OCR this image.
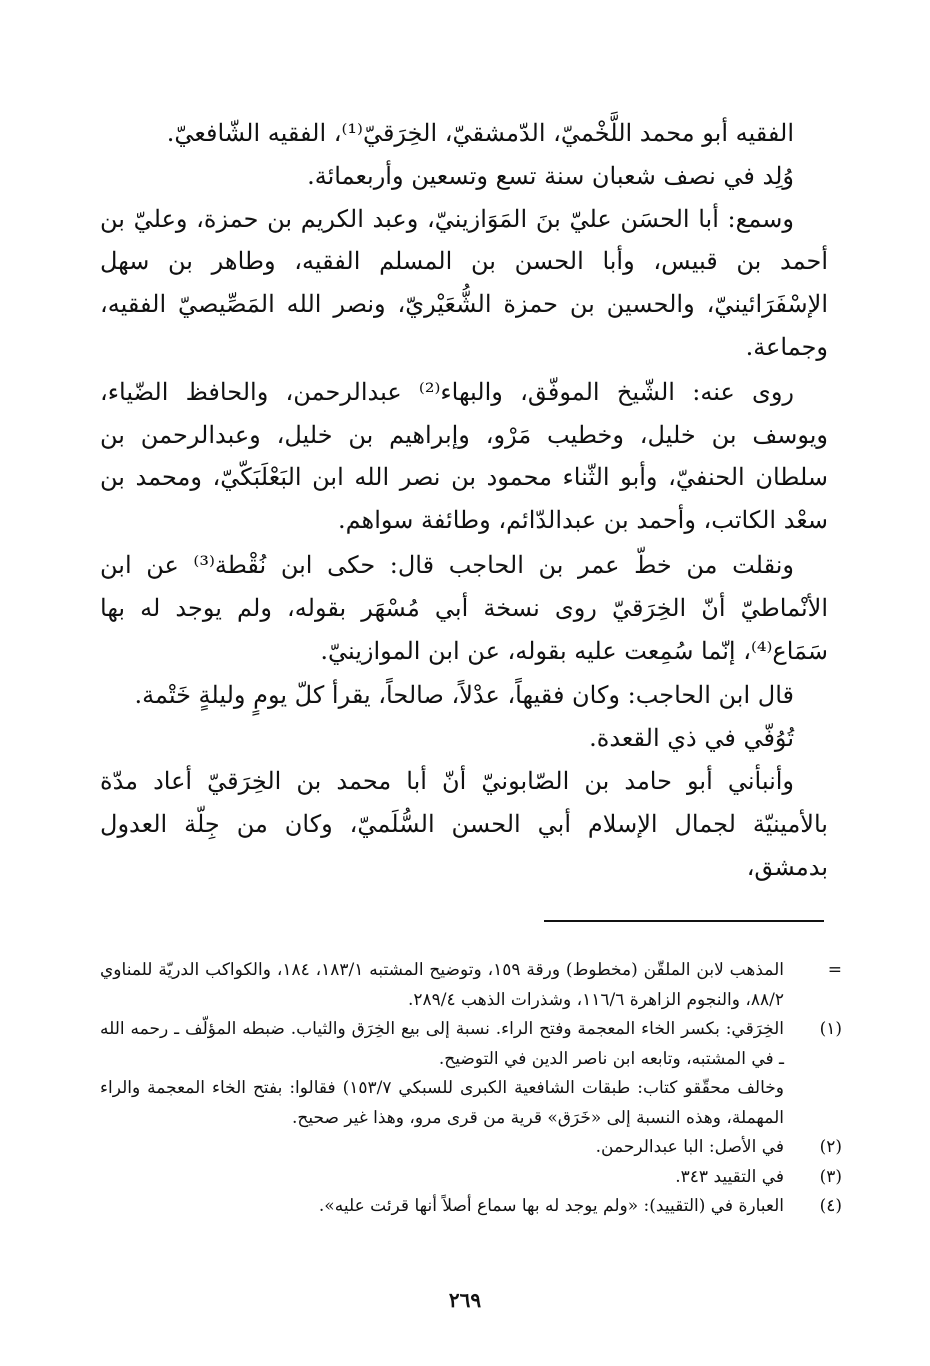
الفقيه أبو محمد اللَّخْميّ، الدّمشقيّ، الخِرَقيّ⁽¹⁾، الفقيه الشّافعيّ.

وُلِد في نصف شعبان سنة تسع وتسعين وأربعمائة.

وسمع: أبا الحسَن عليّ بنَ المَوَازينيّ، وعبد الكريم بن حمزة، وعليّ بن أحمد بن قبيس، وأبا الحسن بن المسلم الفقيه، وطاهر بن سهل الإسْفَرَائينيّ، والحسين بن حمزة الشُّعَيْريّ، ونصر الله المَصِّيصيّ الفقيه، وجماعة.

روى عنه: الشّيخ الموفّق، والبهاء⁽²⁾ عبدالرحمن، والحافظ الضّياء، ويوسف بن خليل، وخطيب مَرْو، وإبراهيم بن خليل، وعبدالرحمن بن سلطان الحنفيّ، وأبو الثّناء محمود بن نصر الله ابن البَعْلَبَكّيّ، ومحمد بن سعْد الكاتب، وأحمد بن عبدالدّائم، وطائفة سواهم.

ونقلت من خطّ عمر بن الحاجب قال: حكى ابن نُقْطة⁽³⁾ عن ابن الأنْماطيّ أنّ الخِرَقيّ روى نسخة أبي مُسْهَر بقوله، ولم يوجد له بها سَمَاع⁽⁴⁾، إنّما سُمِعت عليه بقوله، عن ابن الموازينيّ.

قال ابن الحاجب: وكان فقيهاً، عدْلاً، صالحاً، يقرأ كلّ يومٍ وليلةٍ خَتْمة.

تُوُفّي في ذي القعدة.

وأنبأني أبو حامد بن الصّابونيّ أنّ أبا محمد بن الخِرَقيّ أعاد مدّة بالأمينيّة لجمال الإسلام أبي الحسن السُّلَميّ، وكان من جِلّة العدول بدمشق،

=
المذهب لابن الملقّن (مخطوط) ورقة ١٥٩، وتوضيح المشتبه ١٨٣/١، ١٨٤، والكواكب الدريّة للمناوي ٨٨/٢، والنجوم الزاهرة ١١٦/٦، وشذرات الذهب ٢٨٩/٤.
(١)
الخِرَقي: بكسر الخاء المعجمة وفتح الراء. نسبة إلى بيع الخِرَق والثياب. ضبطه المؤلّف ـ رحمه الله ـ في المشتبه، وتابعه ابن ناصر الدين في التوضيح.
وخالف محقّقو كتاب: طبقات الشافعية الكبرى للسبكي ١٥٣/٧) فقالوا: بفتح الخاء المعجمة والراء المهملة، وهذه النسبة إلى «خَرَق» قرية من قرى مرو، وهذا غير صحيح.
(٢)
في الأصل: البا عبدالرحمن.
(٣)
في التقييد ٣٤٣.
(٤)
العبارة في (التقييد): «ولم يوجد له بها سماع أصلاً أنها قرئت عليه».
٢٦٩
